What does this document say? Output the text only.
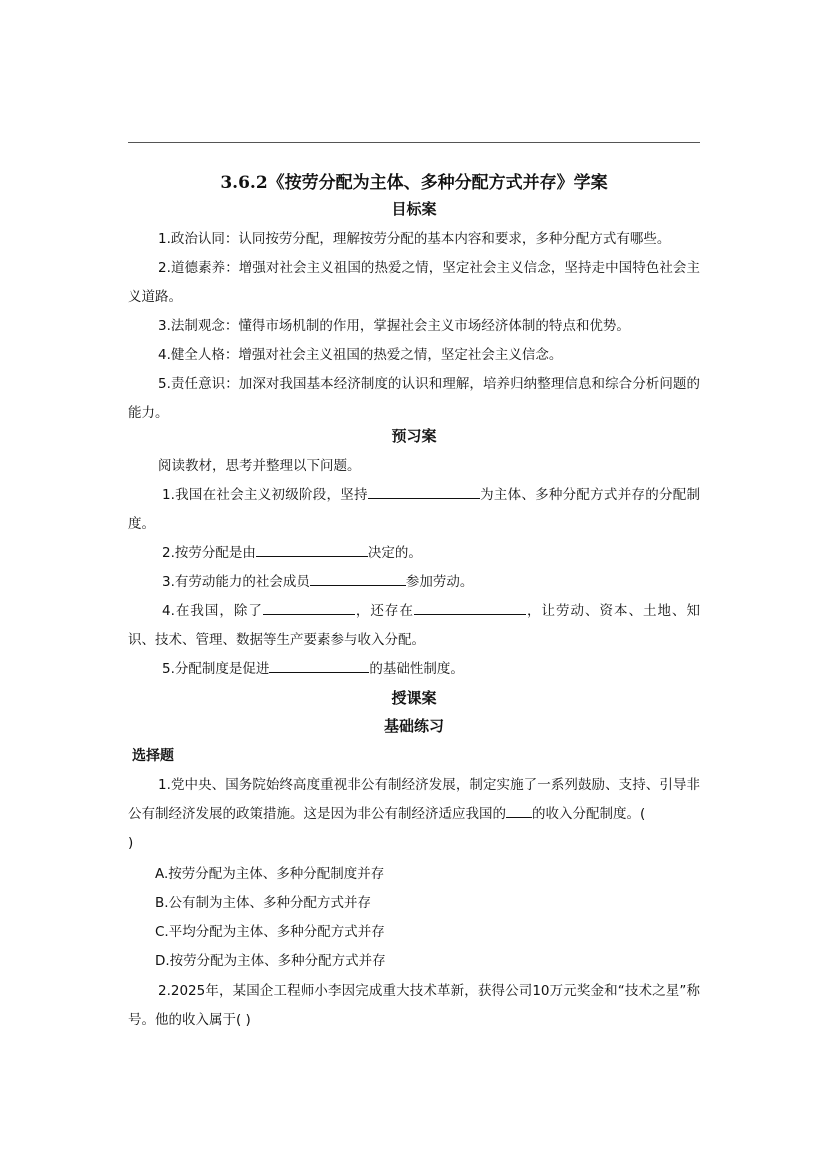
3.6.2《按劳分配为主体、多种分配方式并存》学案
目标案
1.政治认同：认同按劳分配，理解按劳分配的基本内容和要求，多种分配方式有哪些。
2.道德素养：增强对社会主义祖国的热爱之情，坚定社会主义信念，坚持走中国特色社会主义道路。
3.法制观念：懂得市场机制的作用，掌握社会主义市场经济体制的特点和优势。
4.健全人格：增强对社会主义祖国的热爱之情，坚定社会主义信念。
5.责任意识：加深对我国基本经济制度的认识和理解，培养归纳整理信息和综合分析问题的能力。
预习案
阅读教材，思考并整理以下问题。
1.我国在社会主义初级阶段，坚持	为主体、多种分配方式并存的分配制度。
2.按劳分配是由	决定的。
3.有劳动能力的社会成员	参加劳动。
4.在我国，除了	，还存在	，让劳动、资本、土地、知识、技术、管理、数据等生产要素参与收入分配。
5.分配制度是促进	的基础性制度。
授课案
基础练习
选择题
1.党中央、国务院始终高度重视非公有制经济发展，制定实施了一系列鼓励、支持、引导非公有制经济发展的政策措施。这是因为非公有制经济适应我国的 的收入分配制度。(
)
A.按劳分配为主体、多种分配制度并存
B.公有制为主体、多种分配方式并存
C.平均分配为主体、多种分配方式并存
D.按劳分配为主体、多种分配方式并存
2.2025年，某国企工程师小李因完成重大技术革新，获得公司10万元奖金和“技术之星”称号。他的收入属于( )
